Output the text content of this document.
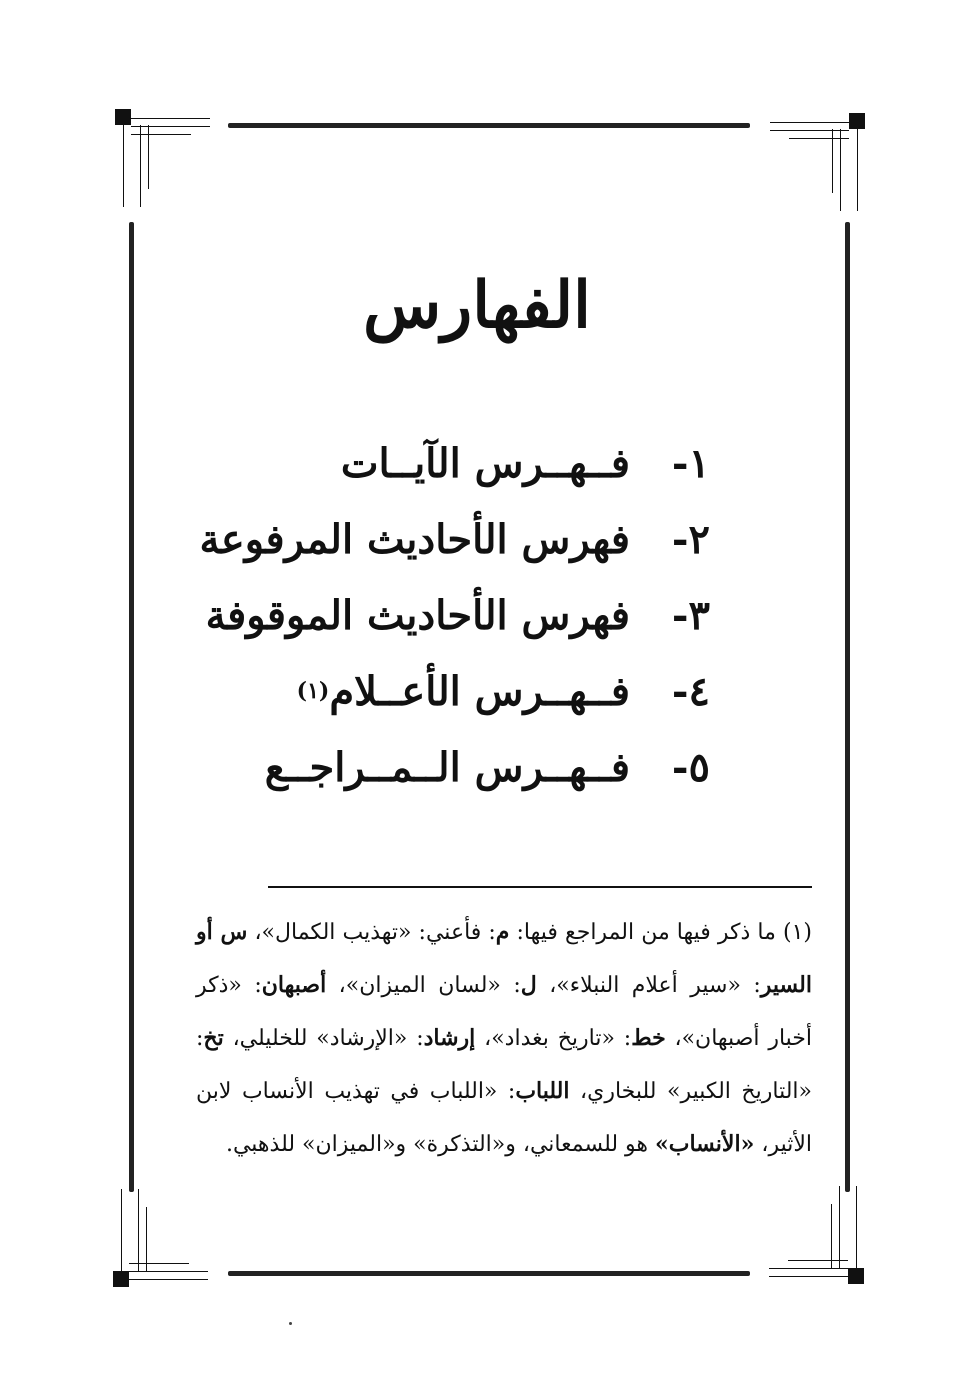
الفهارس
١-
فــهــرس الآيــات
٢-
فهرس الأحاديث المرفوعة
٣-
فهرس الأحاديث الموقوفة
٤-
فــهــرس الأعــلام
(١)
٥-
فــهــرس الــمــراجــع

(١) ما ذكر فيها من المراجع فيها: م: فأعني: «تهذيب الكمال»، س أو السير: «سير أعلام النبلاء»، ل: «لسان الميزان»، أصبهان: «ذكر أخبار أصبهان»، خط: «تاريخ بغداد»، إرشاد: «الإرشاد» للخليلي، تخ: «التاريخ الكبير» للبخاري، اللباب: «اللباب في تهذيب الأنساب لابن الأثير، «الأنساب» هو للسمعاني، و«التذكرة» و«الميزان» للذهبي.
